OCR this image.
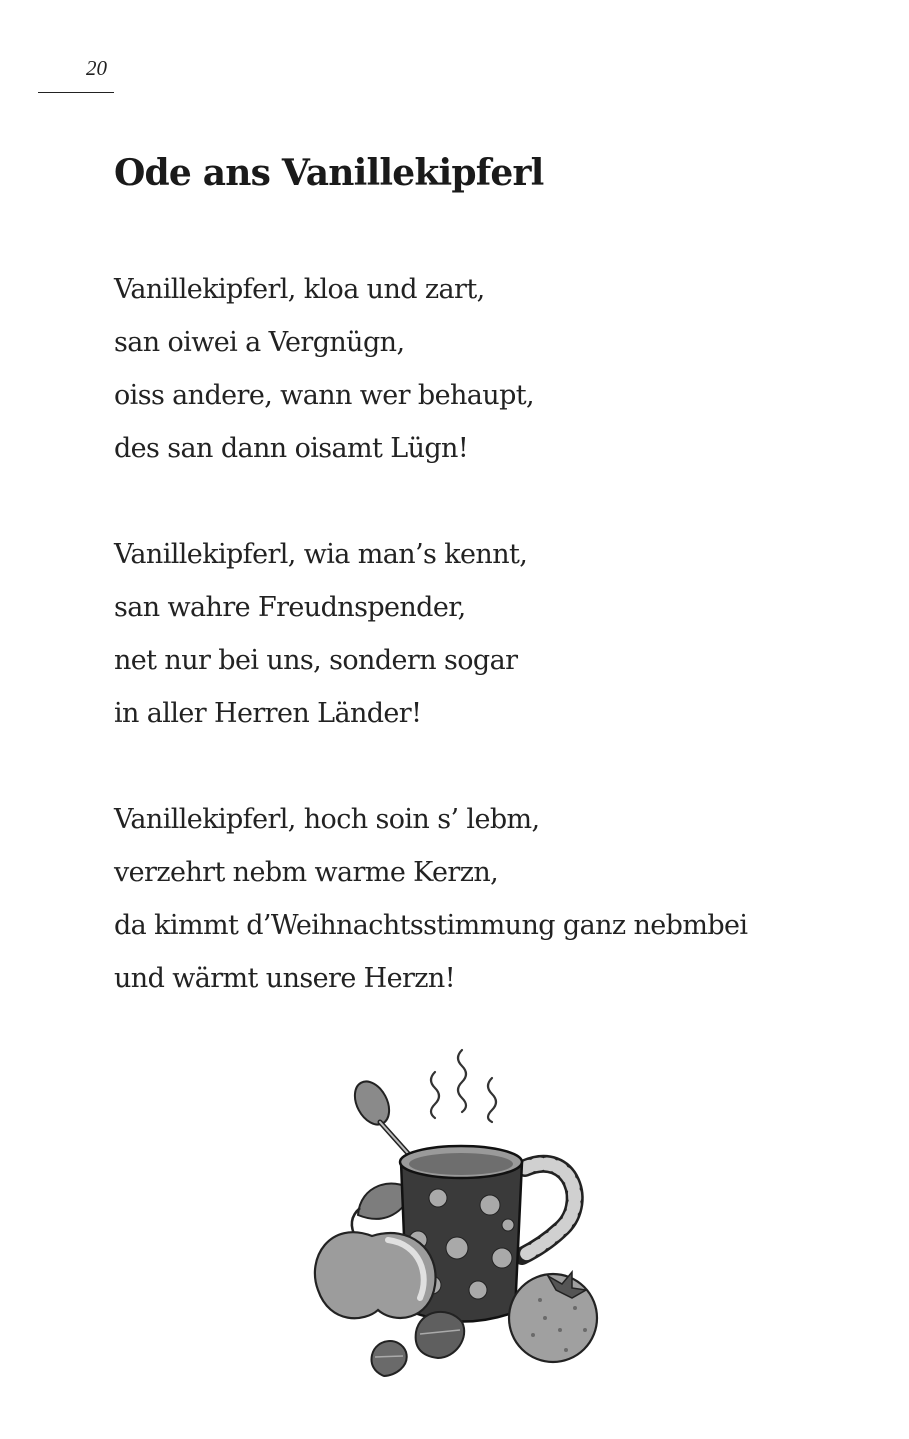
20
Ode ans Vanillekipferl
Vanillekipferl, kloa und zart,
san oiwei a Vergnügn,
oiss andere, wann wer behaupt,
des san dann oisamt Lügn!
Vanillekipferl, wia man’s kennt,
san wahre Freudnspender,
net nur bei uns, sondern sogar
in aller Herren Länder!
Vanillekipferl, hoch soin s’ lebm,
verzehrt nebm warme Kerzn,
da kimmt d’Weihnachtsstimmung ganz nebmbei
und wärmt unsere Herzn!
